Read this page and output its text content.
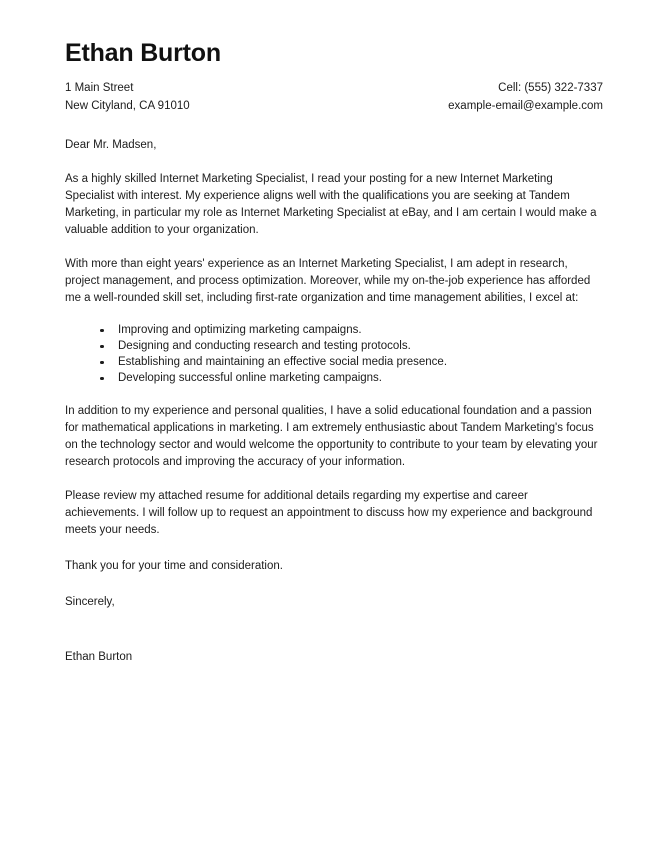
Ethan Burton
1 Main Street
New Cityland, CA 91010
Cell: (555) 322-7337
example-email@example.com

Dear Mr. Madsen,

As a highly skilled Internet Marketing Specialist, I read your posting for a new Internet Marketing Specialist with interest. My experience aligns well with the qualifications you are seeking at Tandem Marketing, in particular my role as Internet Marketing Specialist at eBay, and I am certain I would make a valuable addition to your organization.

With more than eight years' experience as an Internet Marketing Specialist, I am adept in research, project management, and process optimization. Moreover, while my on-the-job experience has afforded me a well-rounded skill set, including first-rate organization and time management abilities, I excel at:

Improving and optimizing marketing campaigns.
Designing and conducting research and testing protocols.
Establishing and maintaining an effective social media presence.
Developing successful online marketing campaigns.

In addition to my experience and personal qualities, I have a solid educational foundation and a passion for mathematical applications in marketing. I am extremely enthusiastic about Tandem Marketing's focus on the technology sector and would welcome the opportunity to contribute to your team by elevating your research protocols and improving the accuracy of your information.

Please review my attached resume for additional details regarding my expertise and career achievements. I will follow up to request an appointment to discuss how my experience and background meets your needs.

Thank you for your time and consideration.

Sincerely,

Ethan Burton
